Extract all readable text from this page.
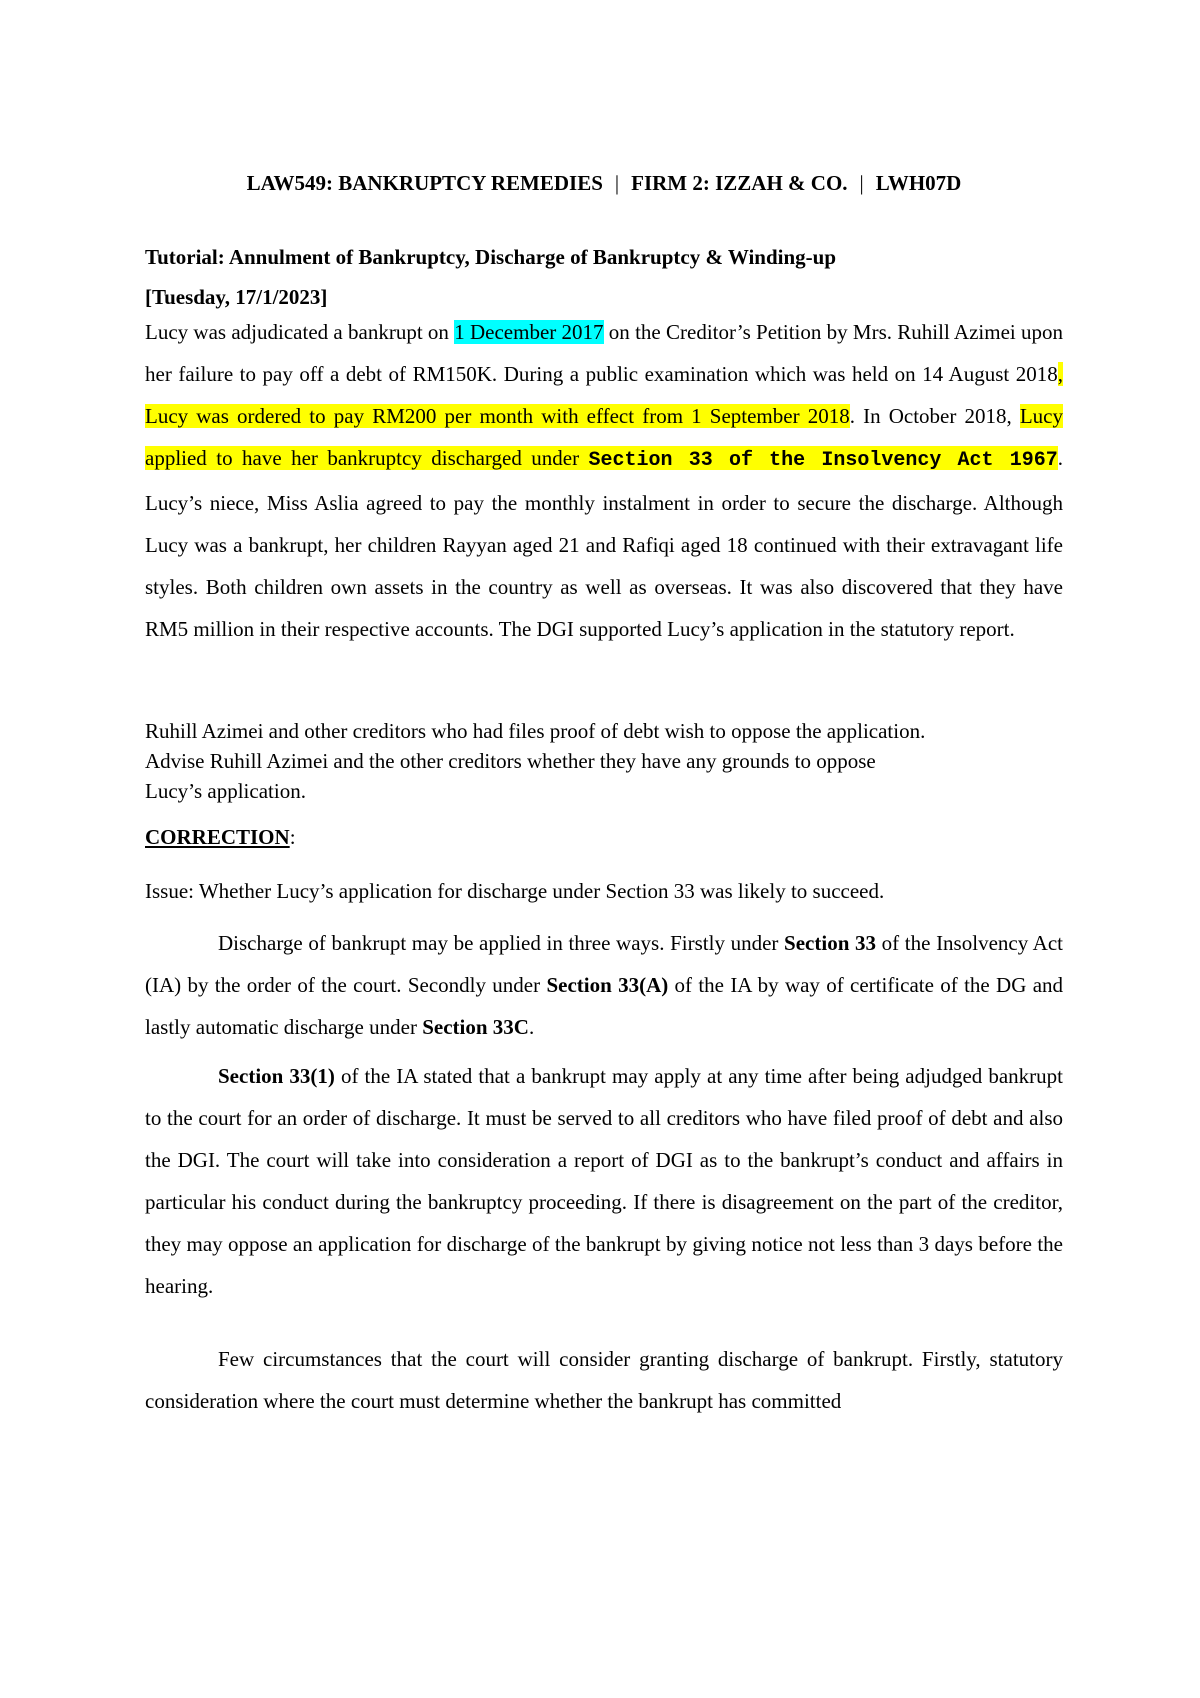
LAW549: BANKRUPTCY REMEDIES | FIRM 2: IZZAH & CO. | LWH07D
Tutorial: Annulment of Bankruptcy, Discharge of Bankruptcy & Winding-up
[Tuesday, 17/1/2023]
Lucy was adjudicated a bankrupt on 1 December 2017 on the Creditor’s Petition by Mrs. Ruhill Azimei upon her failure to pay off a debt of RM150K. During a public examination which was held on 14 August 2018, Lucy was ordered to pay RM200 per month with effect from 1 September 2018. In October 2018, Lucy applied to have her bankruptcy discharged under Section 33 of the Insolvency Act 1967. Lucy’s niece, Miss Aslia agreed to pay the monthly instalment in order to secure the discharge. Although Lucy was a bankrupt, her children Rayyan aged 21 and Rafiqi aged 18 continued with their extravagant life styles. Both children own assets in the country as well as overseas. It was also discovered that they have RM5 million in their respective accounts. The DGI supported Lucy’s application in the statutory report.
Ruhill Azimei and other creditors who had files proof of debt wish to oppose the application.
Advise Ruhill Azimei and the other creditors whether they have any grounds to oppose
Lucy’s application.
CORRECTION:
Issue: Whether Lucy’s application for discharge under Section 33 was likely to succeed.
Discharge of bankrupt may be applied in three ways. Firstly under Section 33 of the Insolvency Act (IA) by the order of the court. Secondly under Section 33(A) of the IA by way of certificate of the DG and lastly automatic discharge under Section 33C.
Section 33(1) of the IA stated that a bankrupt may apply at any time after being adjudged bankrupt to the court for an order of discharge. It must be served to all creditors who have filed proof of debt and also the DGI. The court will take into consideration a report of DGI as to the bankrupt’s conduct and affairs in particular his conduct during the bankruptcy proceeding. If there is disagreement on the part of the creditor, they may oppose an application for discharge of the bankrupt by giving notice not less than 3 days before the hearing.
Few circumstances that the court will consider granting discharge of bankrupt. Firstly, statutory consideration where the court must determine whether the bankrupt has committed
